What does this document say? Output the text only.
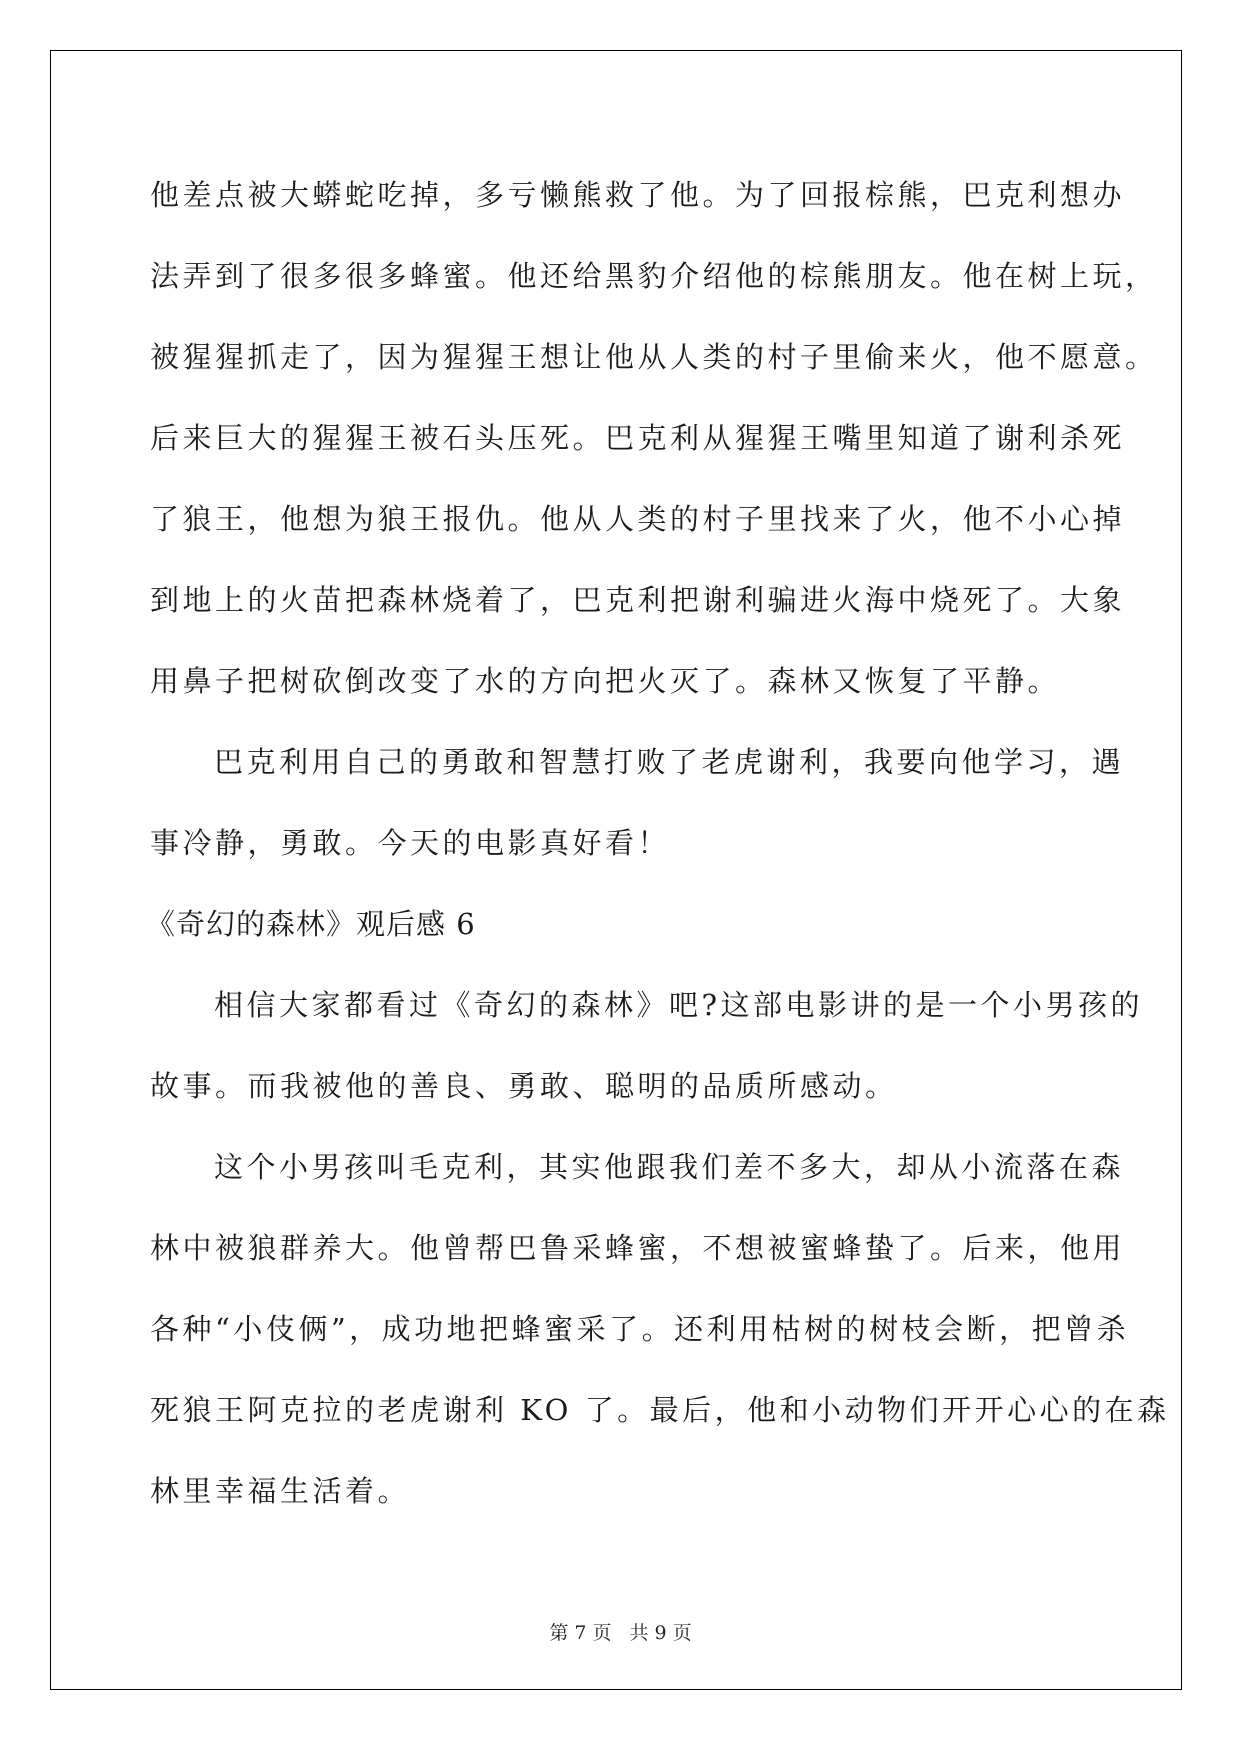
他差点被大蟒蛇吃掉，多亏懒熊救了他。为了回报棕熊，巴克利想办
法弄到了很多很多蜂蜜。他还给黑豹介绍他的棕熊朋友。他在树上玩，
被猩猩抓走了，因为猩猩王想让他从人类的村子里偷来火，他不愿意。
后来巨大的猩猩王被石头压死。巴克利从猩猩王嘴里知道了谢利杀死
了狼王，他想为狼王报仇。他从人类的村子里找来了火，他不小心掉
到地上的火苗把森林烧着了，巴克利把谢利骗进火海中烧死了。大象
用鼻子把树砍倒改变了水的方向把火灭了。森林又恢复了平静。
巴克利用自己的勇敢和智慧打败了老虎谢利，我要向他学习，遇
事冷静，勇敢。今天的电影真好看！
《奇幻的森林》观后感 6
相信大家都看过《奇幻的森林》吧?这部电影讲的是一个小男孩的
故事。而我被他的善良、勇敢、聪明的品质所感动。
这个小男孩叫毛克利，其实他跟我们差不多大，却从小流落在森
林中被狼群养大。他曾帮巴鲁采蜂蜜，不想被蜜蜂蛰了。后来，他用
各种“小伎俩”，成功地把蜂蜜采了。还利用枯树的树枝会断，把曾杀
死狼王阿克拉的老虎谢利 KO 了。最后，他和小动物们开开心心的在森
林里幸福生活着。
第 7 页 共 9 页
